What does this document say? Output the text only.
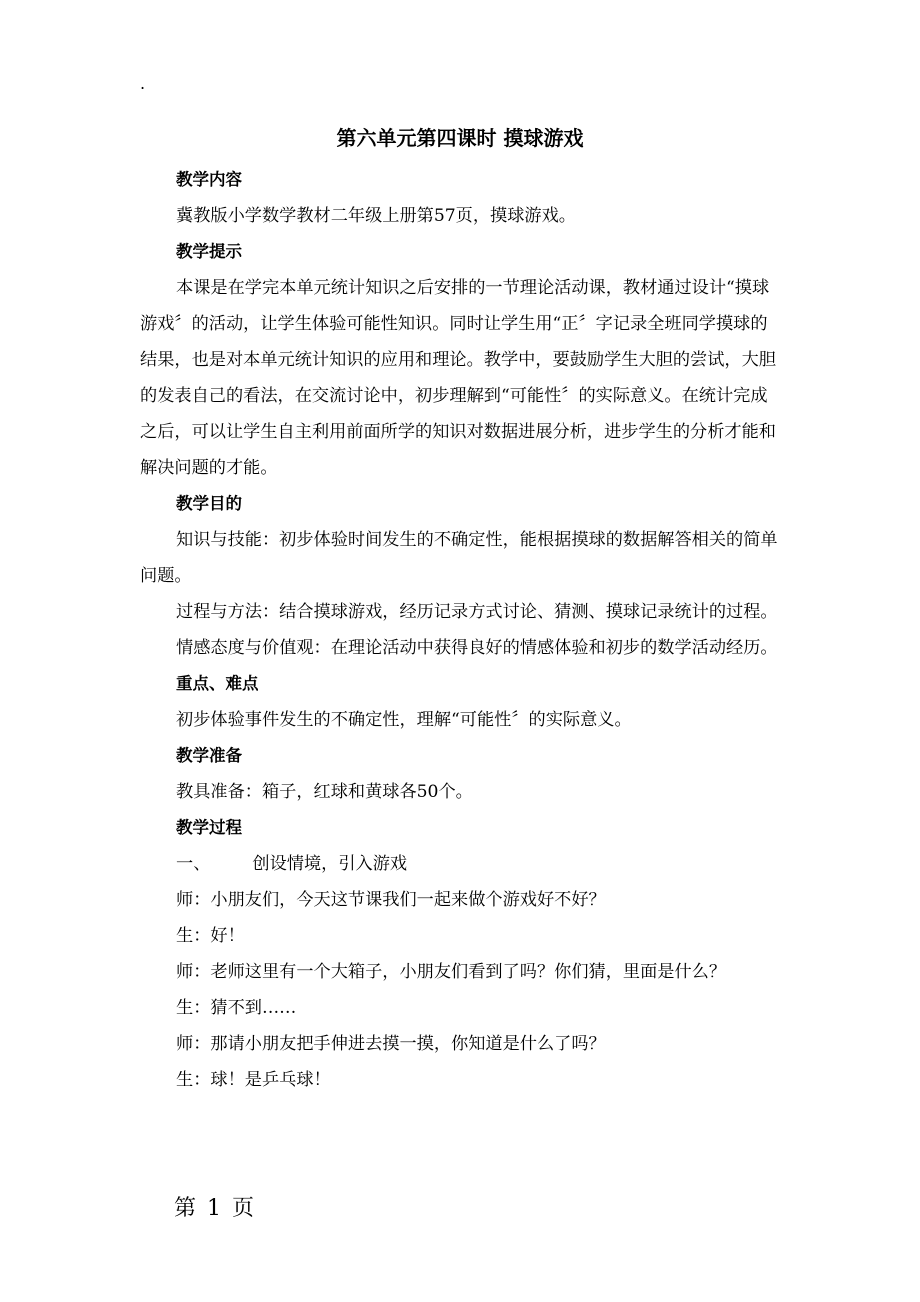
.
第六单元第四课时 摸球游戏
教学内容

冀教版小学数学教材二年级上册第57页，摸球游戏。

教学提示

本课是在学完本单元统计知识之后安排的一节理论活动课，教材通过设计“摸球游戏〞的活动，让学生体验可能性知识。同时让学生用“正〞字记录全班同学摸球的结果，也是对本单元统计知识的应用和理论。教学中，要鼓励学生大胆的尝试，大胆的发表自己的看法，在交流讨论中，初步理解到“可能性〞的实际意义。在统计完成之后，可以让学生自主利用前面所学的知识对数据进展分析，进步学生的分析才能和解决问题的才能。

教学目的

知识与技能：初步体验时间发生的不确定性，能根据摸球的数据解答相关的简单问题。

过程与方法：结合摸球游戏，经历记录方式讨论、猜测、摸球记录统计的过程。

情感态度与价值观：在理论活动中获得良好的情感体验和初步的数学活动经历。

重点、难点

初步体验事件发生的不确定性，理解“可能性〞的实际意义。

教学准备

教具准备：箱子，红球和黄球各50个。

教学过程

一、 创设情境，引入游戏

师：小朋友们，今天这节课我们一起来做个游戏好不好？

生：好！

师：老师这里有一个大箱子，小朋友们看到了吗？你们猜，里面是什么？

生：猜不到……

师：那请小朋友把手伸进去摸一摸，你知道是什么了吗？

生：球！是乒乓球！

第 1 页
